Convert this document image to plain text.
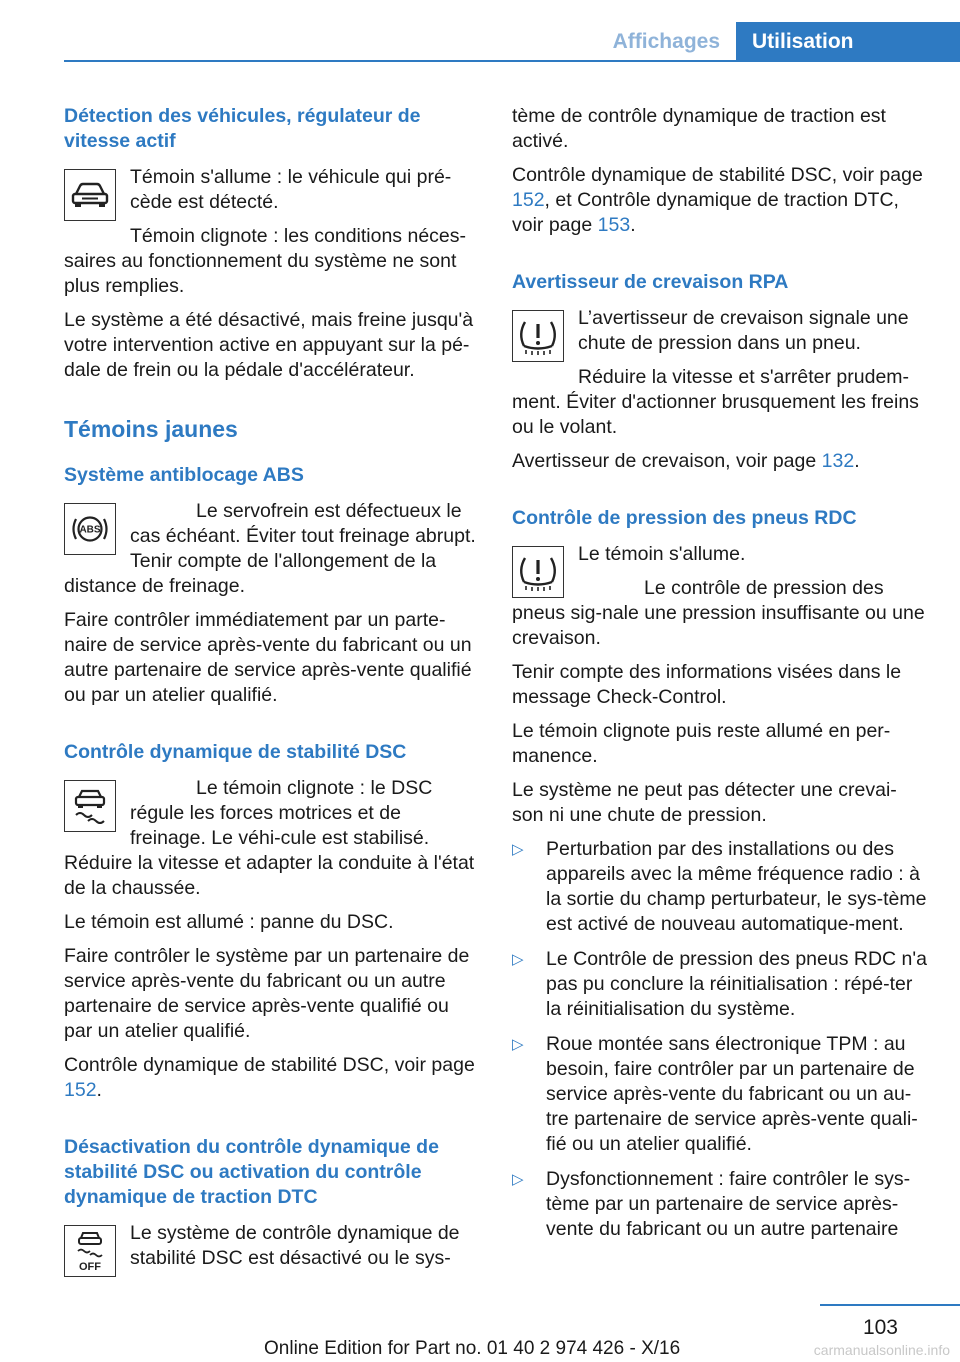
Affichages	Utilisation
Détection des véhicules, régulateur de vitesse actif

Témoin s'allume : le véhicule qui pré‐cède est détecté.

Témoin clignote : les conditions néces‐saires au fonctionnement du système ne sont plus remplies.

Le système a été désactivé, mais freine jusqu'à votre intervention active en appuyant sur la pé‐dale de frein ou la pédale d'accélérateur.

Témoins jaunes
Système antiblocage ABS
ABS

Le servofrein est défectueux le cas échéant. Éviter tout freinage abrupt. Tenir compte de l'allongement de la distance de freinage.

Faire contrôler immédiatement par un parte‐naire de service après-vente du fabricant ou un autre partenaire de service après-vente qualifié ou par un atelier qualifié.

Contrôle dynamique de stabilité DSC

Le témoin clignote : le DSC régule les forces motrices et de freinage. Le véhi‐cule est stabilisé. Réduire la vitesse et adapter la conduite à l'état de la chaussée.

Le témoin est allumé : panne du DSC.

Faire contrôler le système par un partenaire de service après-vente du fabricant ou un autre partenaire de service après-vente qualifié ou par un atelier qualifié.

Contrôle dynamique de stabilité DSC, voir page 152.

Désactivation du contrôle dynamique de stabilité DSC ou activation du contrôle dynamique de traction DTC
OFF

Le système de contrôle dynamique de stabilité DSC est désactivé ou le sys‐

tème de contrôle dynamique de traction est activé.

Contrôle dynamique de stabilité DSC, voir page 152, et Contrôle dynamique de traction DTC, voir page 153.

Avertisseur de crevaison RPA

L’avertisseur de crevaison signale une chute de pression dans un pneu.

Réduire la vitesse et s'arrêter prudem‐ment. Éviter d'actionner brusquement les freins ou le volant.

Avertisseur de crevaison, voir page 132.

Contrôle de pression des pneus RDC

Le témoin s'allume.

Le contrôle de pression des pneus sig‐nale une pression insuffisante ou une crevaison.

Tenir compte des informations visées dans le message Check-Control.

Le témoin clignote puis reste allumé en per‐manence.

Le système ne peut pas détecter une crevai‐son ni une chute de pression.

▷ Perturbation par des installations ou des appareils avec la même fréquence radio : à la sortie du champ perturbateur, le sys‐tème est activé de nouveau automatique‐ment.
▷ Le Contrôle de pression des pneus RDC n'a pas pu conclure la réinitialisation : répé‐ter la réinitialisation du système.
▷ Roue montée sans électronique TPM : au besoin, faire contrôler par un partenaire de service après-vente du fabricant ou un au‐tre partenaire de service après-vente quali‐fié ou un atelier qualifié.
▷ Dysfonctionnement : faire contrôler le sys‐tème par un partenaire de service après-vente du fabricant ou un autre partenaire
103
Online Edition for Part no. 01 40 2 974 426 - X/16	carmanualsonline.info
